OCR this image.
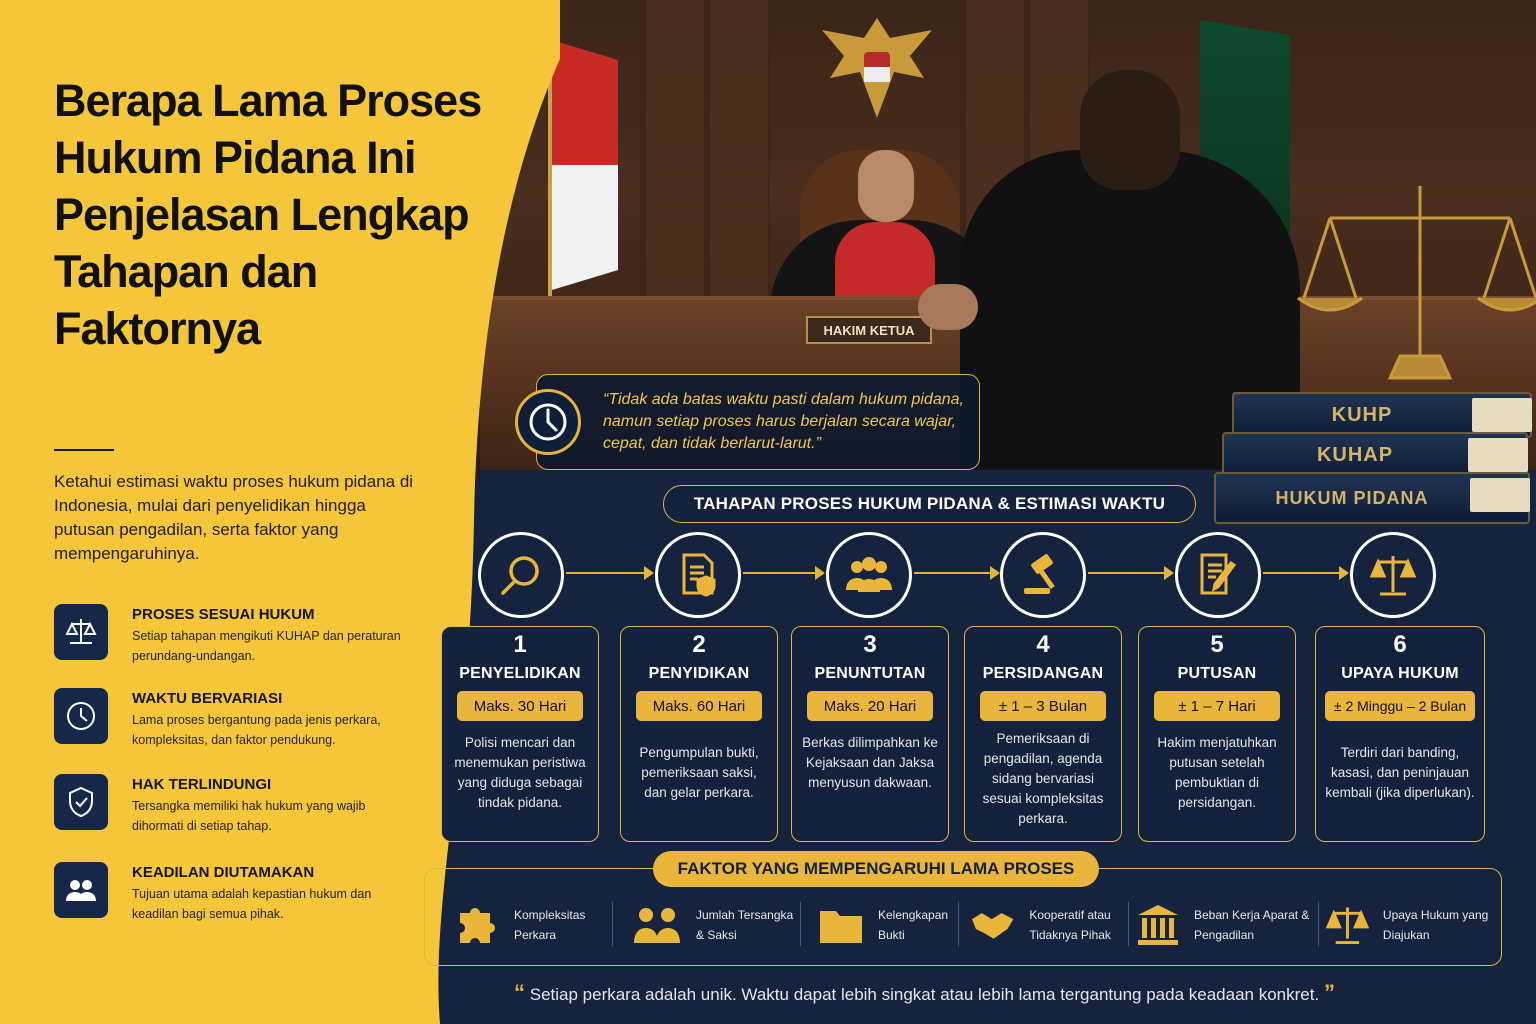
HAKIM KETUA
Berapa Lama Proses Hukum Pidana Ini Penjelasan Lengkap Tahapan dan Faktornya
Ketahui estimasi waktu proses hukum pidana di Indonesia, mulai dari penyelidikan hingga putusan pengadilan, serta faktor yang mempengaruhinya.
PROSES SESUAI HUKUM
Setiap tahapan mengikuti KUHAP dan peraturan perundang-undangan.
WAKTU BERVARIASI
Lama proses bergantung pada jenis perkara, kompleksitas, dan faktor pendukung.
HAK TERLINDUNGI
Tersangka memiliki hak hukum yang wajib dihormati di setiap tahap.
KEADILAN DIUTAMAKAN
Tujuan utama adalah kepastian hukum dan keadilan bagi semua pihak.
“Tidak ada batas waktu pasti dalam hukum pidana, namun setiap proses harus berjalan secara wajar, cepat, dan tidak berlarut-larut.”
KUHP
KUHAP
HUKUM PIDANA
TAHAPAN PROSES HUKUM PIDANA & ESTIMASI WAKTU
1
PENYELIDIKAN
Maks. 30 Hari
Polisi mencari dan menemukan peristiwa yang diduga sebagai tindak pidana.
2
PENYIDIKAN
Maks. 60 Hari
Pengumpulan bukti, pemeriksaan saksi, dan gelar perkara.
3
PENUNTUTAN
Maks. 20 Hari
Berkas dilimpahkan ke Kejaksaan dan Jaksa menyusun dakwaan.
4
PERSIDANGAN
± 1 – 3 Bulan
Pemeriksaan di pengadilan, agenda sidang bervariasi sesuai kompleksitas perkara.
5
PUTUSAN
± 1 – 7 Hari
Hakim menjatuhkan putusan setelah pembuktian di persidangan.
6
UPAYA HUKUM
± 2 Minggu – 2 Bulan
Terdiri dari banding, kasasi, dan peninjauan kembali (jika diperlukan).
FAKTOR YANG MEMPENGARUHI LAMA PROSES
Kompleksitas Perkara
Jumlah Tersangka & Saksi
Kelengkapan Bukti
Kooperatif atau Tidaknya Pihak
Beban Kerja Aparat & Pengadilan
Upaya Hukum yang Diajukan
“ Setiap perkara adalah unik. Waktu dapat lebih singkat atau lebih lama tergantung pada keadaan konkret. ”
